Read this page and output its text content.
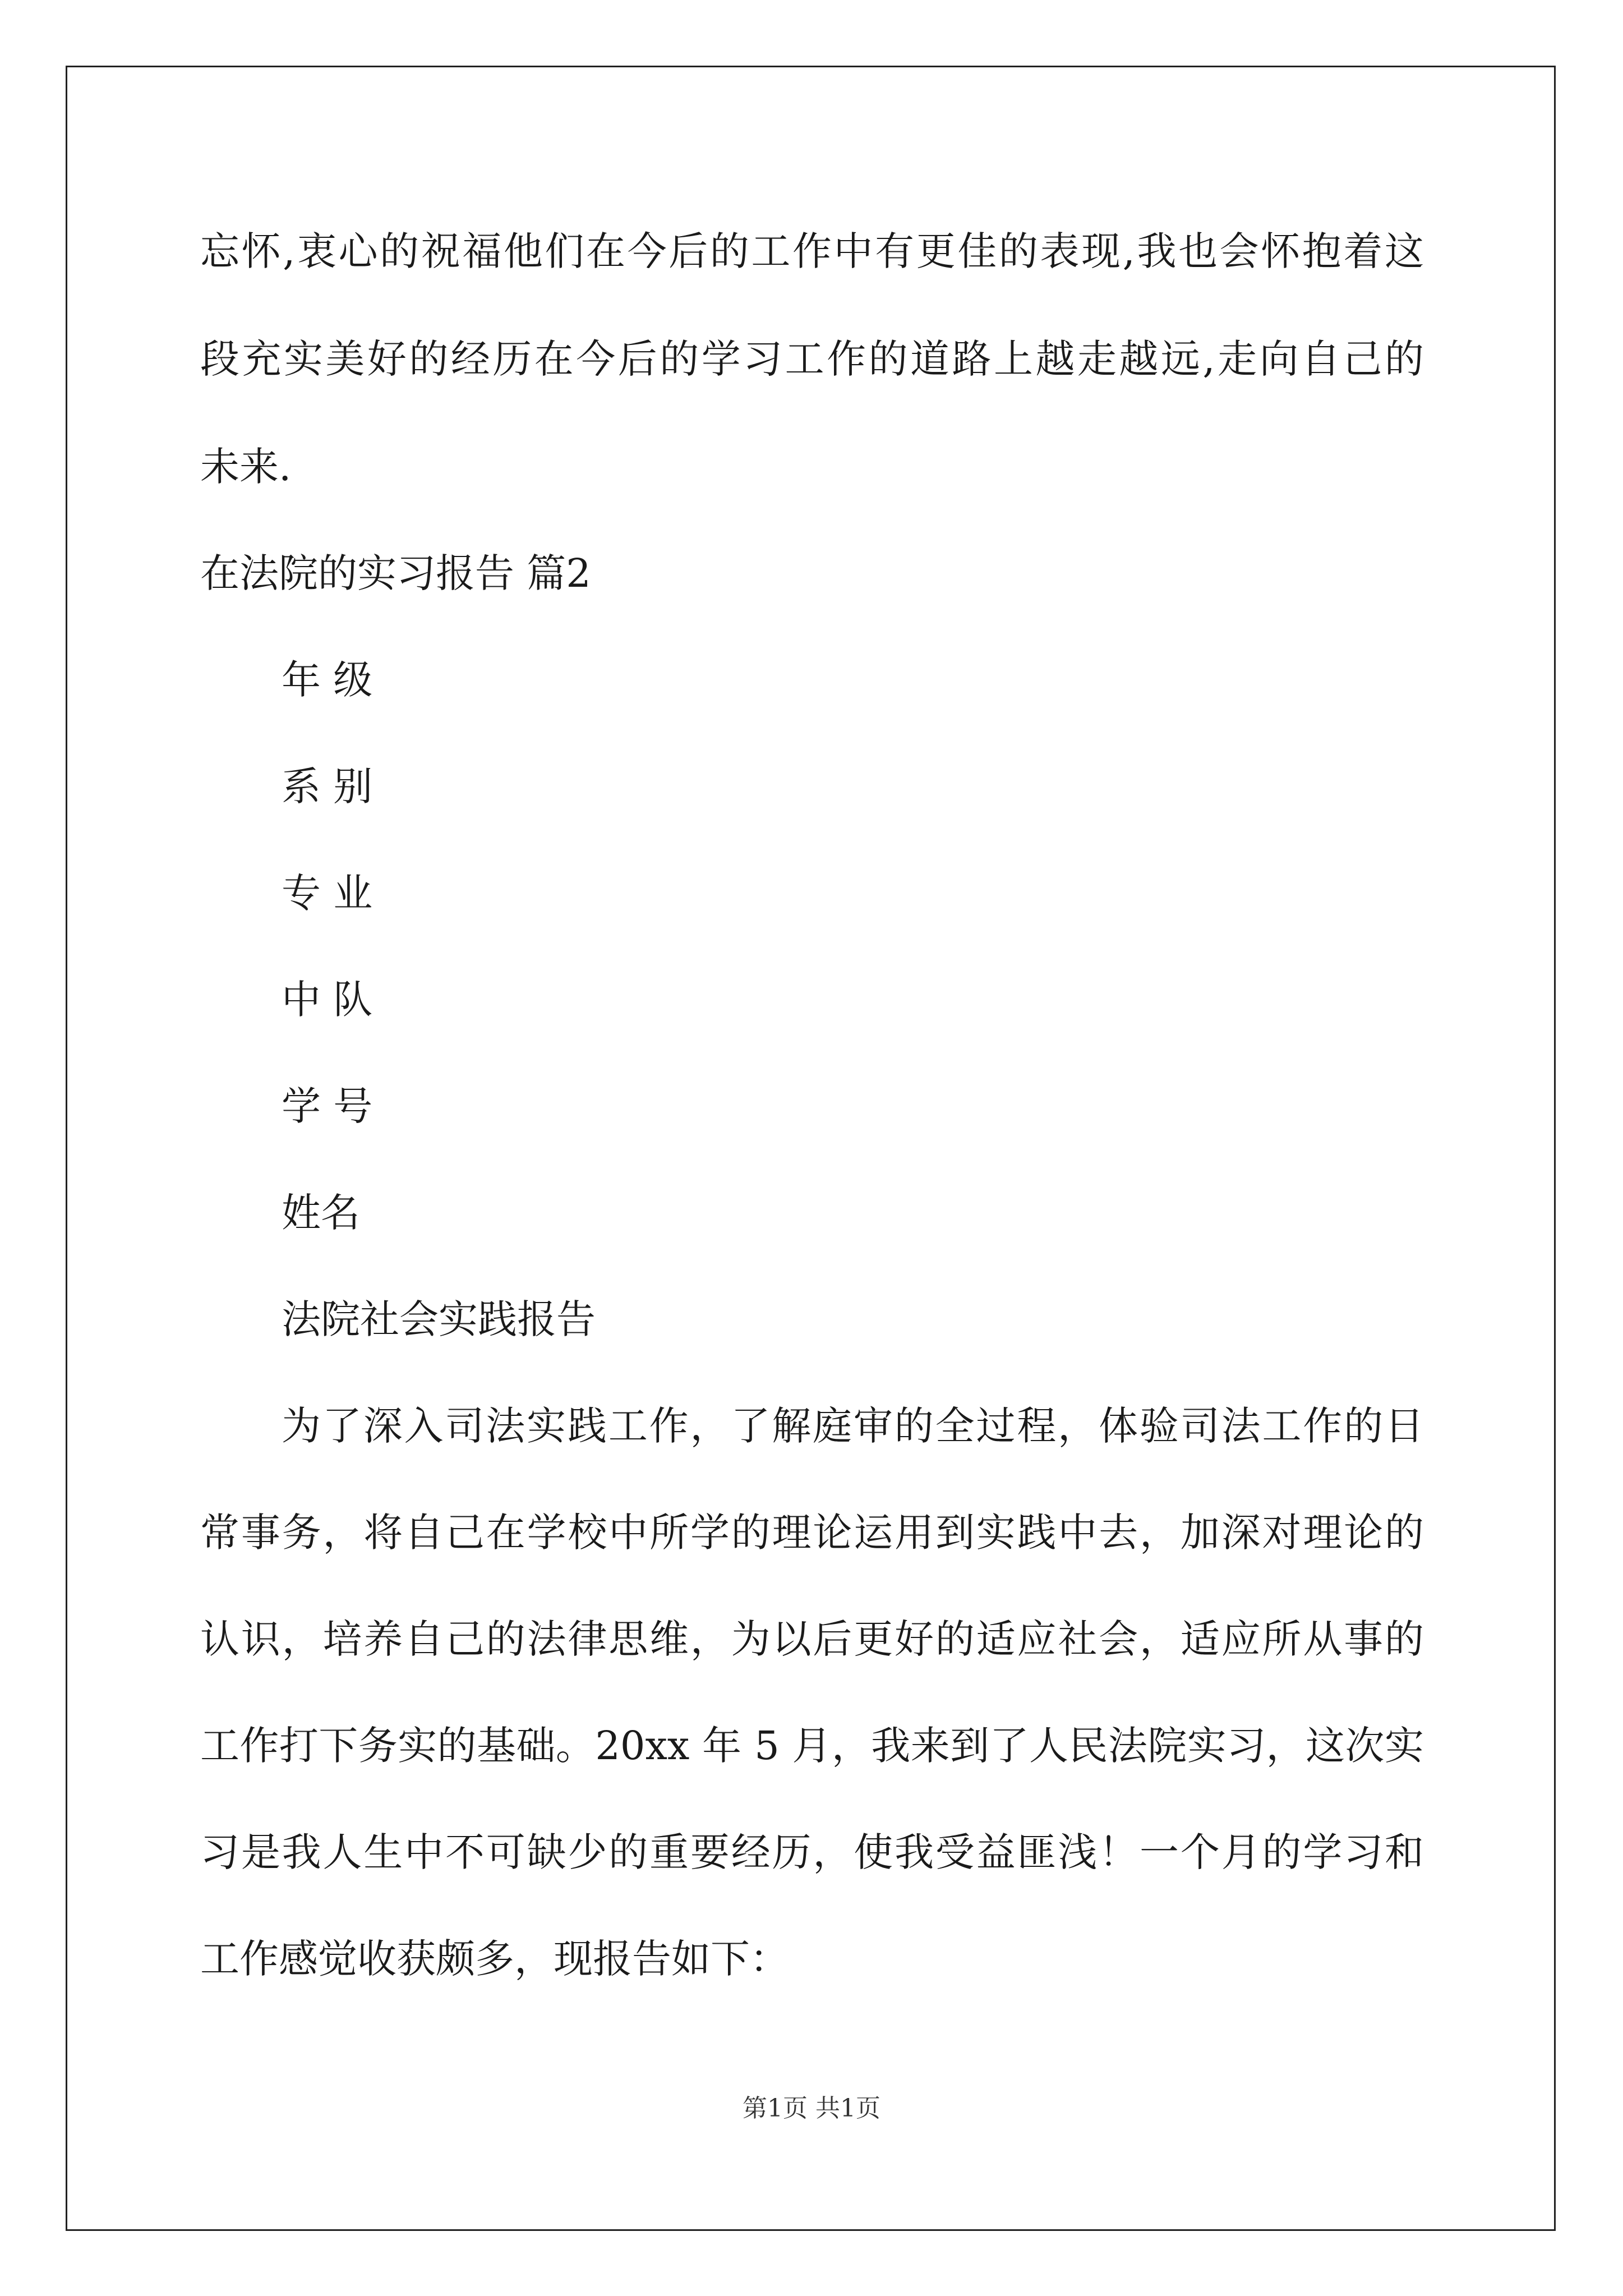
忘怀,衷心的祝福他们在今后的工作中有更佳的表现,我也会怀抱着这
段充实美好的经历在今后的学习工作的道路上越走越远,走向自己的
未来.
在法院的实习报告 篇2
年 级
系 别
专 业
中 队
学 号
姓名
法院社会实践报告
为了深入司法实践工作，了解庭审的全过程，体验司法工作的日
常事务，将自己在学校中所学的理论运用到实践中去，加深对理论的
认识，培养自己的法律思维，为以后更好的适应社会，适应所从事的
工作打下务实的基础。20xx 年 5 月，我来到了人民法院实习，这次实
习是我人生中不可缺少的重要经历，使我受益匪浅！一个月的学习和
工作感觉收获颇多，现报告如下：
第1页 共1页
